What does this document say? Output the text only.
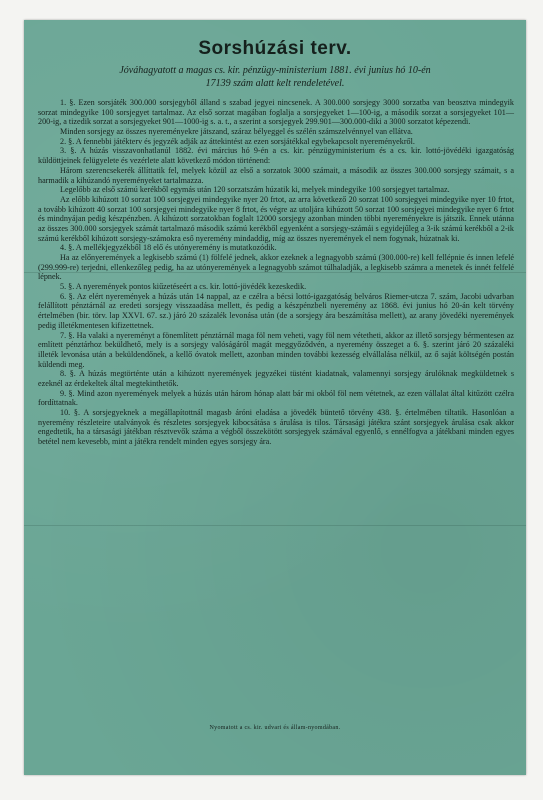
Sorshúzási terv.
Jóváhagyatott a magas cs. kir. pénzügy-ministerium 1881. évi junius hó 10-én
17139 szám alatt kelt rendeletével.

1. §. Ezen sorsjáték 300.000 sorsjegyből álland s szabad jegyei nincsenek. A 300.000 sorsjegy 3000 sorzatba van beosztva mindegyik sorzat mindegyike 100 sorsjegyet tartalmaz. Az első sorzat magában foglalja a sorsjegyeket 1—100-ig, a második sorzat a sorsjegyeket 101—200-ig, a tizedik sorzat a sorsjegyeket 901—1000-ig s. a. t., a szerint a sorsjegyek 299.901—300.000-diki a 3000 sorzatot képezendi.

Minden sorsjegy az összes nyereményekre játszand, száraz bélyeggel és szélén számszelvénnyel van ellátva.

2. §. A fennebbi játékterv és jegyzék adják az áttekintést az ezen sorsjátékkal egybekapcsolt nyereményekről.

3. §. A húzás visszavonhatlanúl 1882. évi március hó 9-én a cs. kir. pénzügyministerium és a cs. kir. lottó-jövédéki igazgatóság küldöttjeinek felügyelete és vezérlete alatt következő módon történend:

Három szerencsekerék állíttatik fel, melyek közül az első a sorzatok 3000 számait, a második az összes 300.000 sorsjegy számait, s a harmadik a kihúzandó nyereményeket tartalmazza.

Legelőbb az első számú kerékből egymás után 120 sorzatszám húzatik ki, melyek mindegyike 100 sorsjegyet tartalmaz.

Az előbb kihúzott 10 sorzat 100 sorsjegyei mindegyike nyer 20 frtot, az arra következő 20 sorzat 100 sorsjegyei mindegyike nyer 10 frtot, a tovább kihúzott 40 sorzat 100 sorsjegyei mindegyike nyer 8 frtot, és végre az utoljára kihúzott 50 sorzat 100 sorsjegyei mindegyike nyer 6 frtot és mindnyájan pedig készpénzben. A kihúzott sorzatokban foglalt 12000 sorsjegy azonban minden többi nyereményekre is játszik. Ennek utánna az összes 300.000 sorsjegyek számát tartalmazó második számú kerékből egyenként a sorsjegy-számái s egyidejűleg a 3-ik számú kerékből a 2-ik számú kerékből kihúzott sorsjegy-számokra eső nyeremény mindaddig, míg az összes nyeremények el nem fogynak, húzatnak ki.

4. §. A mellékjegyzékből 18 elő és utónyeremény is mutatkozódik.

Ha az előnyeremények a legkisebb számú (1) fölfelé jednek, akkor ezeknek a legnagyobb számú (300.000-re) kell fellépnie és innen lefelé (299.999-re) terjedni, ellenkezőleg pedig, ha az utónyeremények a legnagyobb számot túlhaladják, a legkisebb számra a menetek és innét felfelé lépnek.

5. §. A nyeremények pontos kiűzetéseért a cs. kir. lottó-jövédék kezeskedik.

6. §. Az elért nyeremények a húzás után 14 nappal, az e czélra a bécsi lottó-igazgatóság belváros Riemer-utcza 7. szám, Jacobi udvarban felállított pénztárnál az eredeti sorsjegy visszaadása mellett, és pedig a készpénzbeli nyeremény az 1868. évi junius hó 20-án kelt törvény értelmében (bir. törv. lap XXVI. 67. sz.) járó 20 százalék levonása után (de a sorsjegy ára beszámítása mellett), az arany jövedéki nyeremények pedig illetékmentesen kifizettetnek.

7. §. Ha valaki a nyereményt a fönemlített pénztárnál maga föl nem veheti, vagy föl nem vétetheti, akkor az illető sorsjegy bérmentesen az említett pénztárhoz beküldhető, mely is a sorsjegy valóságáról magát meggyőződvén, a nyeremény összeget a 6. §. szerint járó 20 százaléki illeték levonása után a beküldendőnek, a kellő óvatok mellett, azonban minden további kezesség elvállalása nélkül, az ő saját költségén postán küldendi meg.

8. §. A húzás megtörténte után a kihúzott nyeremények jegyzékei tüstént kiadatnak, valamennyi sorsjegy árulóknak megküldetnek s ezeknél az érdekeltek által megtekinthetők.

9. §. Mind azon nyeremények melyek a húzás után három hónap alatt bár mi okból föl nem vétetnek, az ezen vállalat által kitűzött czélra fordíttatnak.

10. §. A sorsjegyeknek a megállapítottnál magasb áróni eladása a jövedék büntető törvény 438. §. értelmében tiltatik. Hasonlóan a nyeremény részleteire utalványok és részletes sorsjegyek kibocsátása s árulása is tilos. Társasági játékra szánt sorsjegyek árulása csak akkor engedtetik, ha a társasági játékban résztvevők száma a végből összekötött sorsjegyek számával egyenlő, s ennélfogva a játékbani minden egyes betétel nem kevesebb, mint a játékra rendelt minden egyes sorsjegy ára.

Nyomatott a cs. kir. udvari és állam-nyomdában.
